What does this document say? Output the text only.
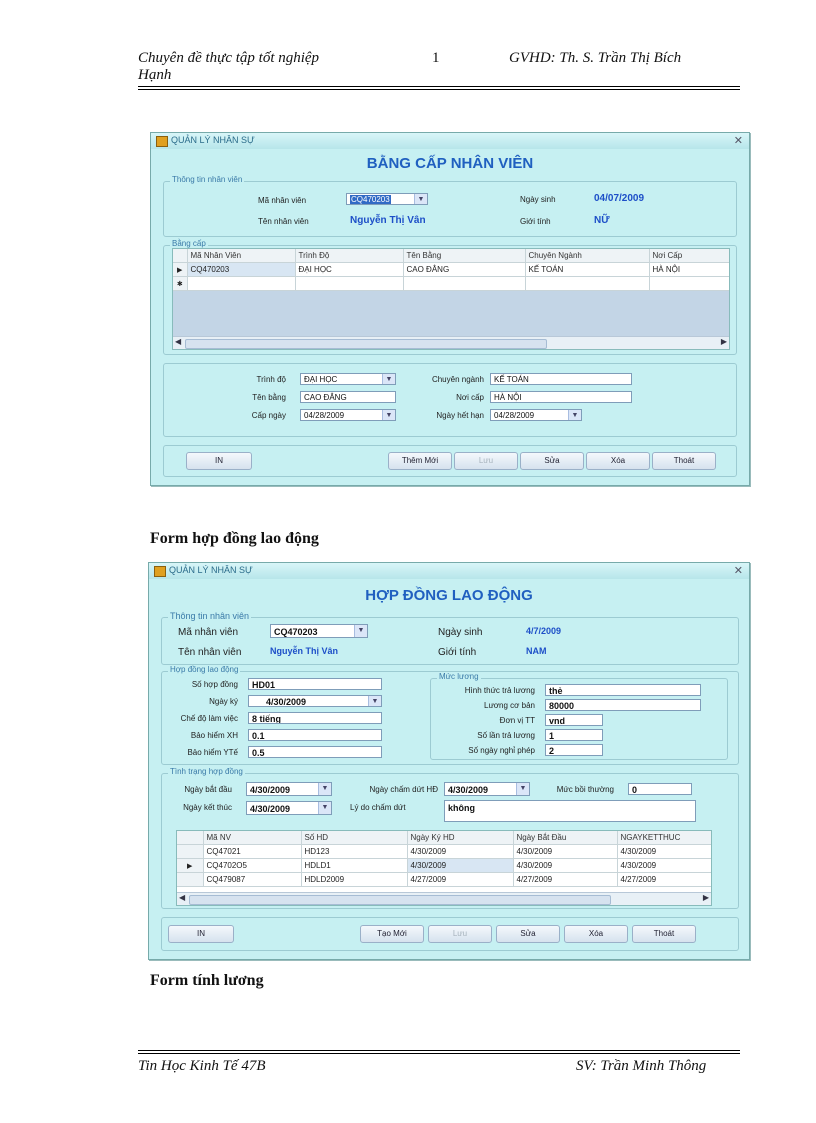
Chuyên đề thực tập tốt nghiệp
Hạnh
1	GVHD: Th. S. Trần Thị Bích
QUẢN LÝ NHÂN SỰ	✕
BẰNG CẤP NHÂN VIÊN
Thông tin nhân viên
Mã nhân viên	CQ470203	▼	Ngày sinh	04/07/2009
Tên nhân viên	Nguyễn Thị Vân	Giới tính	NỮ
Bằng cấp
	Mã Nhân Viên	Trình Độ	Tên Bằng	Chuyên Ngành	Nơi Cấp
▶	CQ470203	ĐẠI HỌC	CAO ĐẲNG	KẾ TOÁN	HÀ NỘI
✱					
◀	▶
Trình độ	ĐẠI HỌC	▼	Chuyên ngành	KẾ TOÁN
Tên bằng	CAO ĐẲNG	Nơi cấp	HÀ NỘI
Cấp ngày	04/28/2009	▼	Ngày hết hạn	04/28/2009	▼
IN	Thêm Mới	Lưu	Sửa	Xóa	Thoát
Form hợp đồng lao động
QUẢN LÝ NHÂN SỰ	✕
HỢP ĐỒNG LAO ĐỘNG
Thông tin nhân viên
Mã nhân viên	CQ470203	▼	Ngày sinh	4/7/2009
Tên nhân viên	Nguyễn Thị Vân	Giới tính	NAM
Hợp đồng lao động
Số hợp đồng	HD01
Ngày ký	4/30/2009	▼
Chế độ làm việc	8 tiếng
Bảo hiểm XH	0.1
Bảo hiểm YTế	0.5
Mức lương
Hình thức trả lương	thẻ
Lương cơ bản	80000
Đơn vị TT	vnd
Số lần trả lương	1
Số ngày nghỉ phép	2
Tình trạng hợp đồng
Ngày bắt đầu	4/30/2009	▼	Ngày chấm dứt HĐ	4/30/2009	▼	Mức bồi thường	0
Ngày kết thúc	4/30/2009	▼	Lý do chấm dứt	không
	Mã NV	Số HD	Ngày Ký HD	Ngày Bắt Đầu	NGAYKETTHUC
	CQ47021	HD123	4/30/2009	4/30/2009	4/30/2009
▶	CQ4702O5	HDLD1	4/30/2009	4/30/2009	4/30/2009
	CQ479087	HDLD2009	4/27/2009	4/27/2009	4/27/2009
◀	▶
IN	Tạo Mới	Lưu	Sửa	Xóa	Thoát
Form tính lương
Tin Học Kinh Tế 47B	SV: Trần Minh Thông
